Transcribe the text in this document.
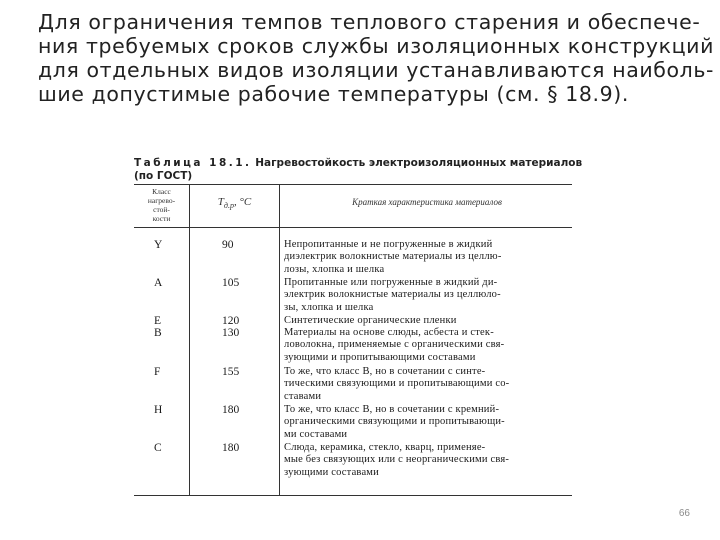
Для ограничения темпов теплового старения и обеспече-
ния требуемых сроков службы изоляционных конструкций
для отдельных видов изоляции устанавливаются наиболь-
шие допустимые рабочие температуры (см. § 18.9).
Таблица 18.1. Нагревостойкость электроизоляционных материалов
(по ГОСТ)
Класс
нагрево-
стой-
кости
$T_{д.р}$, °С	Краткая характеристика материалов
Y	90	Непропитанные и не погруженные в жидкий
диэлектрик волокнистые материалы из целлю-
лозы, хлопка и шелка
A	105	Пропитанные или погруженные в жидкий ди-
электрик волокнистые материалы из целлюло-
зы, хлопка и шелка
E	120	Синтетические органические пленки
B	130	Материалы на основе слюды, асбеста и стек-
ловолокна, применяемые с органическими свя-
зующими и пропитывающими составами
F	155	То же, что класс B, но в сочетании с синте-
тическими связующими и пропитывающими со-
ставами
H	180	То же, что класс B, но в сочетании с кремний-
органическими связующими и пропитывающи-
ми составами
C	180	Слюда, керамика, стекло, кварц, применяе-
мые без связующих или с неорганическими свя-
зующими составами
66
